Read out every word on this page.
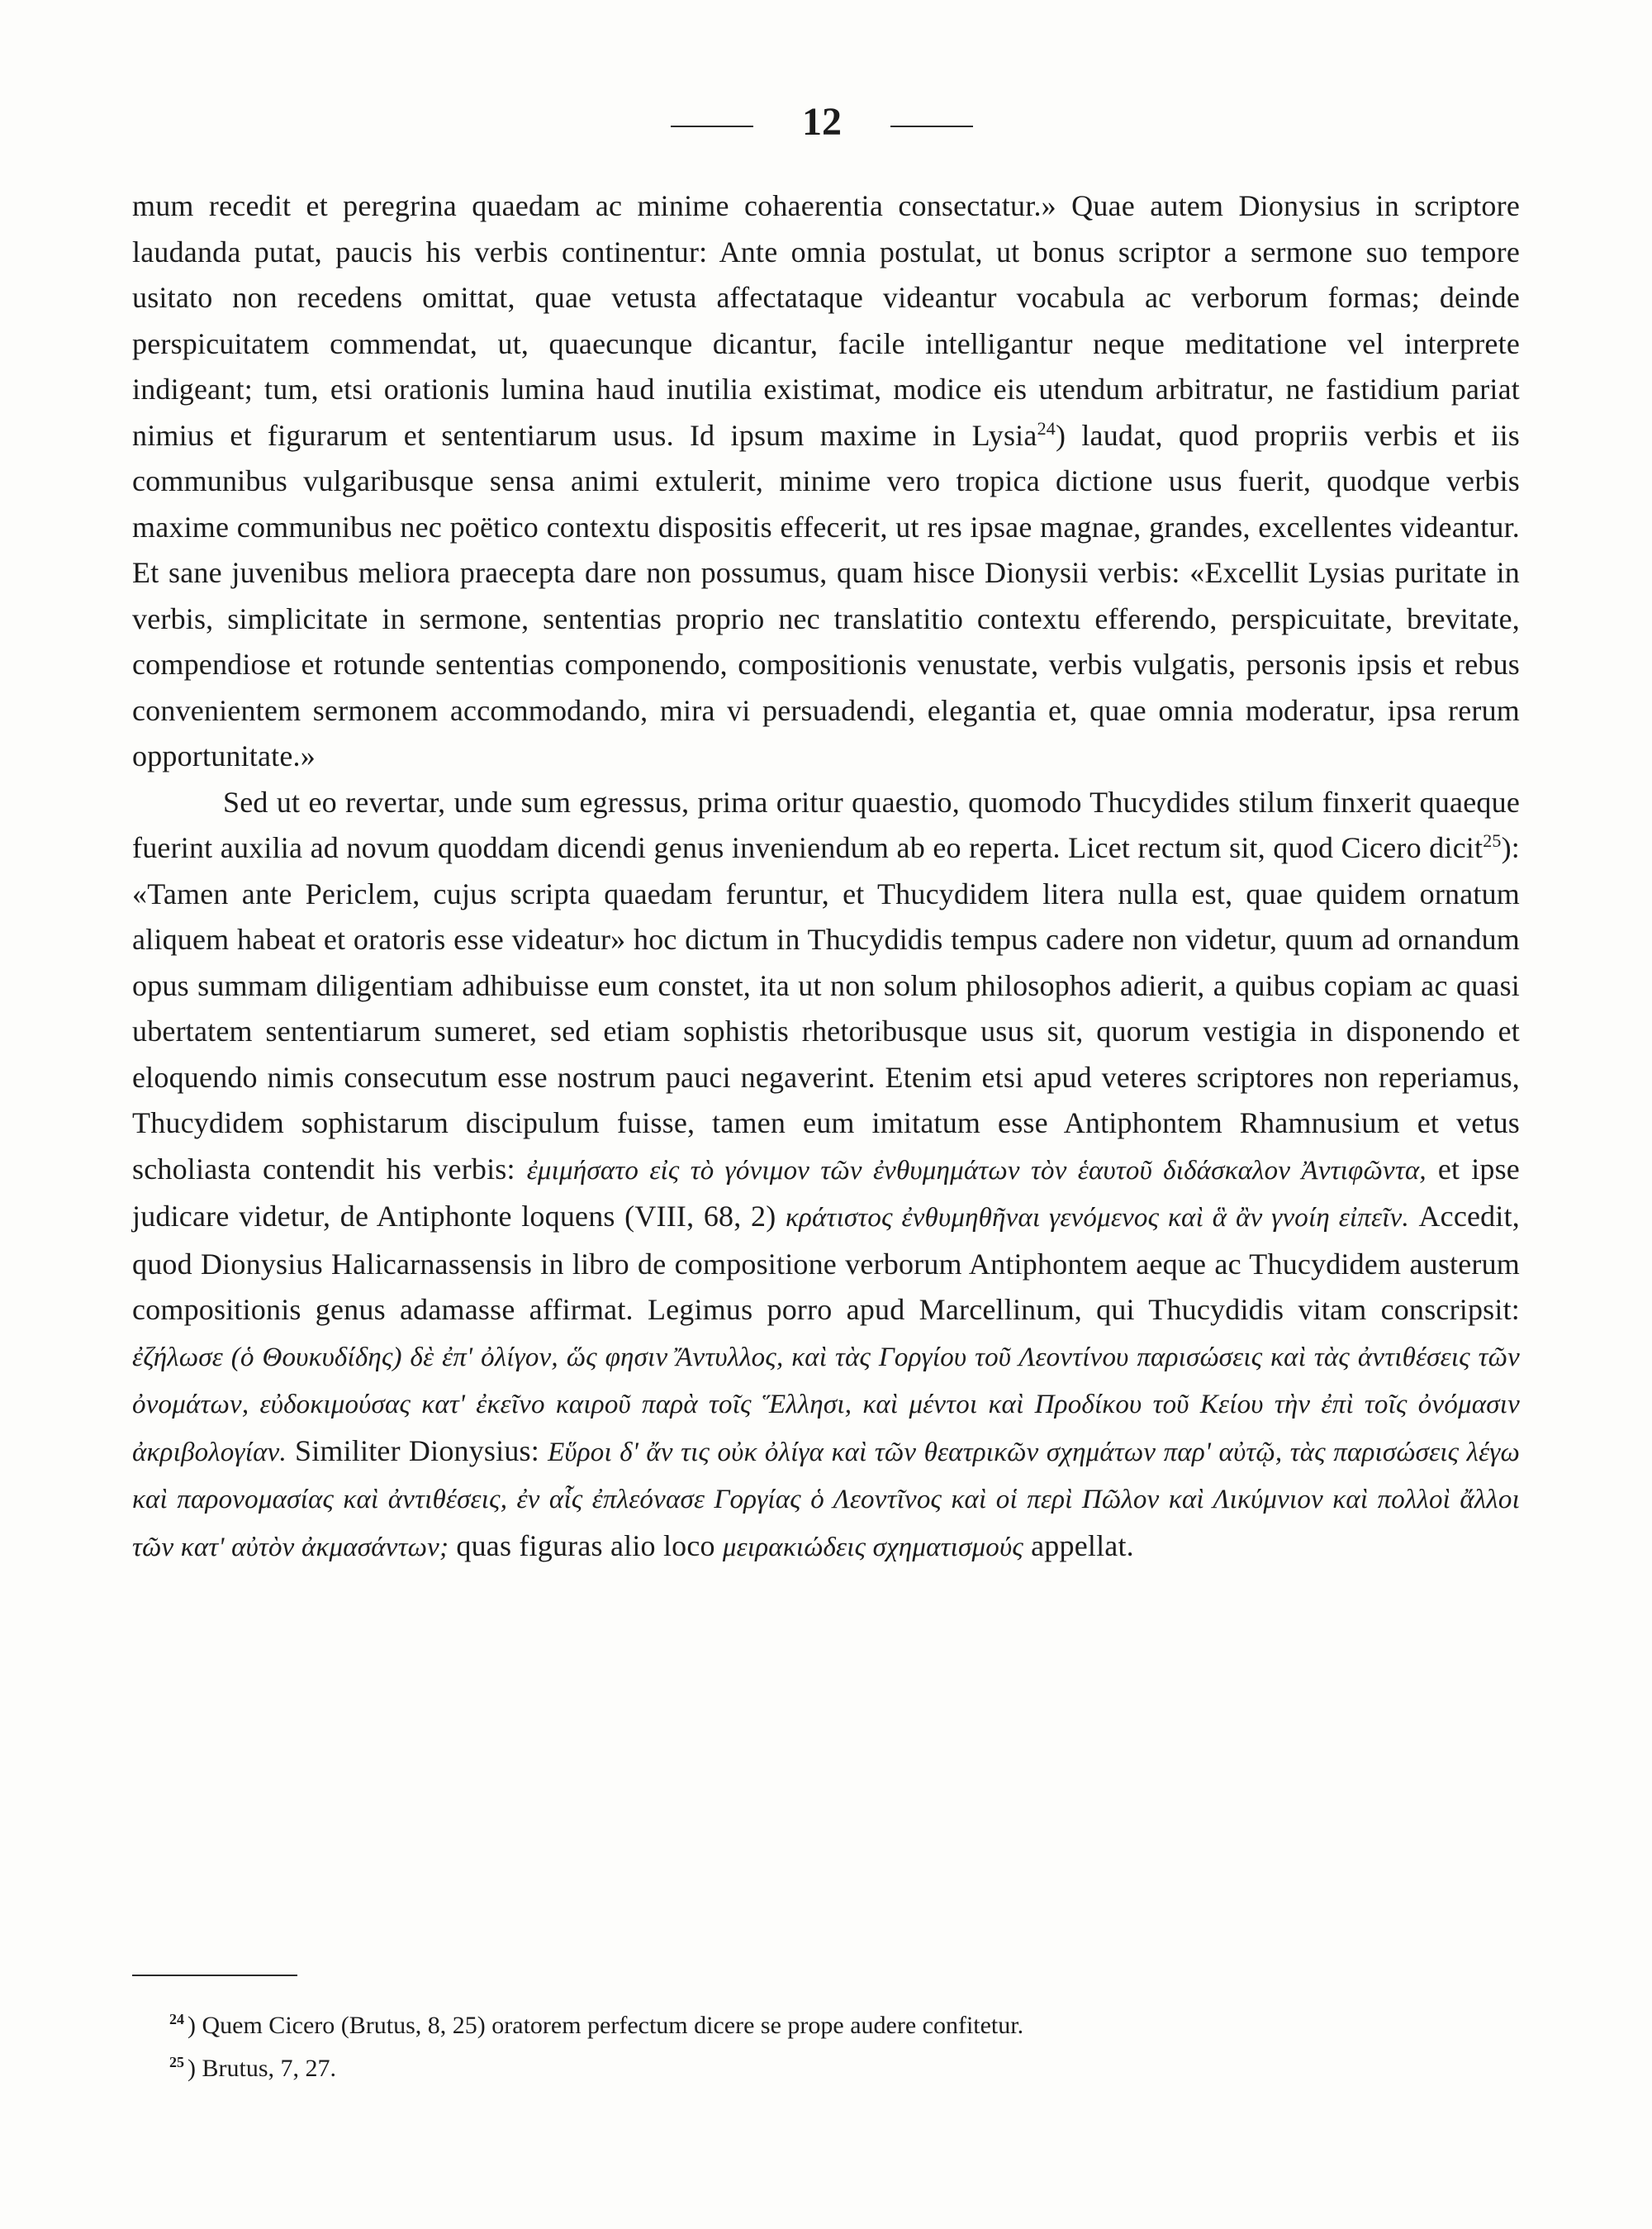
12

mum recedit et peregrina quaedam ac minime cohaerentia consectatur.» Quae autem Dionysius in scriptore laudanda putat, paucis his verbis continentur: Ante omnia postulat, ut bonus scriptor a sermone suo tempore usitato non recedens omittat, quae vetusta affectataque videantur vocabula ac verborum formas; deinde perspicuitatem commendat, ut, quaecunque dicantur, facile intelligantur neque meditatione vel interprete indigeant; tum, etsi orationis lumina haud inutilia existimat, modice eis utendum arbitratur, ne fastidium pariat nimius et figurarum et sententiarum usus. Id ipsum maxime in Lysia$^{24}$) laudat, quod propriis verbis et iis communibus vulgaribusque sensa animi extulerit, minime vero tropica dictione usus fuerit, quodque verbis maxime communibus nec poëtico contextu dispositis effecerit, ut res ipsae magnae, grandes, excellentes videantur. Et sane juvenibus meliora praecepta dare non possumus, quam hisce Dionysii verbis: «Excellit Lysias puritate in verbis, simplicitate in sermone, sententias proprio nec translatitio contextu efferendo, perspicuitate, brevitate, compendiose et rotunde sententias componendo, compositionis venustate, verbis vulgatis, personis ipsis et rebus convenientem sermonem accommodando, mira vi persuadendi, elegantia et, quae omnia moderatur, ipsa rerum opportunitate.»

Sed ut eo revertar, unde sum egressus, prima oritur quaestio, quomodo Thucydides stilum finxerit quaeque fuerint auxilia ad novum quoddam dicendi genus inveniendum ab eo reperta. Licet rectum sit, quod Cicero dicit$^{25}$): «Tamen ante Periclem, cujus scripta quaedam feruntur, et Thucydidem litera nulla est, quae quidem ornatum aliquem habeat et oratoris esse videatur» hoc dictum in Thucydidis tempus cadere non videtur, quum ad ornandum opus summam diligentiam adhibuisse eum constet, ita ut non solum philosophos adierit, a quibus copiam ac quasi ubertatem sententiarum sumeret, sed etiam sophistis rhetoribusque usus sit, quorum vestigia in disponendo et eloquendo nimis consecutum esse nostrum pauci negaverint. Etenim etsi apud veteres scriptores non reperiamus, Thucydidem sophistarum discipulum fuisse, tamen eum imitatum esse Antiphontem Rhamnusium et vetus scholiasta contendit his verbis: ἐμιμήσατο εἰς τὸ γόνιμον τῶν ἐνθυμημάτων τὸν ἑαυτοῦ διδάσκαλον Ἀντιφῶντα, et ipse judicare videtur, de Antiphonte loquens (VIII, 68, 2) κράτιστος ἐνθυμηθῆναι γενόμενος καὶ ἃ ἂν γνοίη εἰπεῖν. Accedit, quod Dionysius Halicarnassensis in libro de compositione verborum Antiphontem aeque ac Thucydidem austerum compositionis genus adamasse affirmat. Legimus porro apud Marcellinum, qui Thucydidis vitam conscripsit: ἐζήλωσε (ὁ Θουκυδίδης) δὲ ἐπ' ὀλίγον, ὥς φησιν Ἄντυλλος, καὶ τὰς Γοργίου τοῦ Λεοντίνου παρισώσεις καὶ τὰς ἀντιθέσεις τῶν ὀνομάτων, εὐδοκιμούσας κατ' ἐκεῖνο καιροῦ παρὰ τοῖς Ἕλλησι, καὶ μέντοι καὶ Προδίκου τοῦ Κείου τὴν ἐπὶ τοῖς ὀνόμασιν ἀκριβολογίαν. Similiter Dionysius: Εὕροι δ' ἄν τις οὐκ ὀλίγα καὶ τῶν θεατρικῶν σχημάτων παρ' αὐτῷ, τὰς παρισώσεις λέγω καὶ παρονομασίας καὶ ἀντιθέσεις, ἐν αἷς ἐπλεόνασε Γοργίας ὁ Λεοντῖνος καὶ οἱ περὶ Πῶλον καὶ Λικύμνιον καὶ πολλοὶ ἄλλοι τῶν κατ' αὐτὸν ἀκμασάντων; quas figuras alio loco μειρακιώδεις σχηματισμούς appellat.

$^{24}$ ) Quem Cicero (Brutus, 8, 25) oratorem perfectum dicere se prope audere confitetur.

$^{25}$ ) Brutus, 7, 27.
